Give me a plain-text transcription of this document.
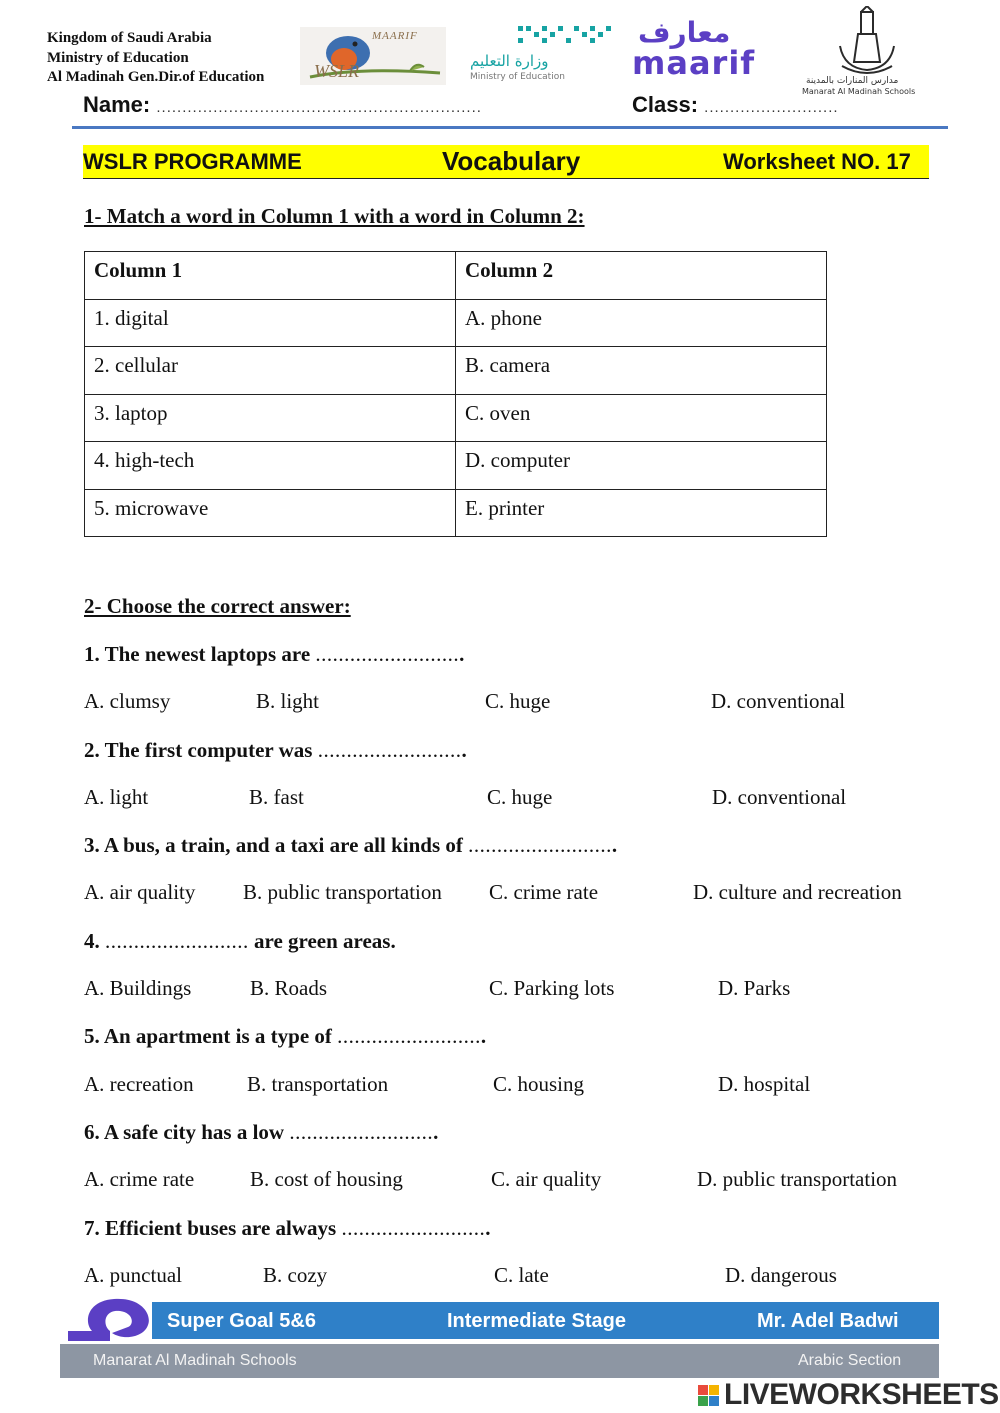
Kingdom of Saudi Arabia
Ministry of Education
Al Madinah Gen.Dir.of Education
MAARIF
WSLR	وزارة التعليم
Ministry of Education
معارف
maarif	مدارس المنارات بالمدينة
Manarat Al Madinah Schools
Name: ...............................................................	Class: ..........................
WSLR PROGRAMME	Vocabulary	Worksheet NO. 17
1- Match a word in Column 1 with a word in Column 2:
Column 1	Column 2
1. digital	A. phone
2. cellular	B. camera
3. laptop	C. oven
4. high-tech	D. computer
5. microwave	E. printer
2- Choose the correct answer:
1. The newest laptops are ..........................
A. clumsy	B. light	C. huge	D. conventional
2. The first computer was ..........................
A. light	B. fast	C. huge	D. conventional
3. A bus, a train, and a taxi are all kinds of ..........................
A. air quality B. public transportation C. crime rate	D. culture and recreation
4. ......................... are green areas.
A. Buildings	B. Roads	C. Parking lots	D. Parks
5. An apartment is a type of ..........................
A. recreation	B. transportation	C. housing	D. hospital
6. A safe city has a low ..........................
A. crime rate	B. cost of housing	C. air quality	D. public transportation
7. Efficient buses are always ..........................
A. punctual	B. cozy	C. late	D. dangerous
Super Goal 5&6	Intermediate Stage	Mr. Adel Badwi
Manarat Al Madinah Schools	Arabic Section
LIVEWORKSHEETS
